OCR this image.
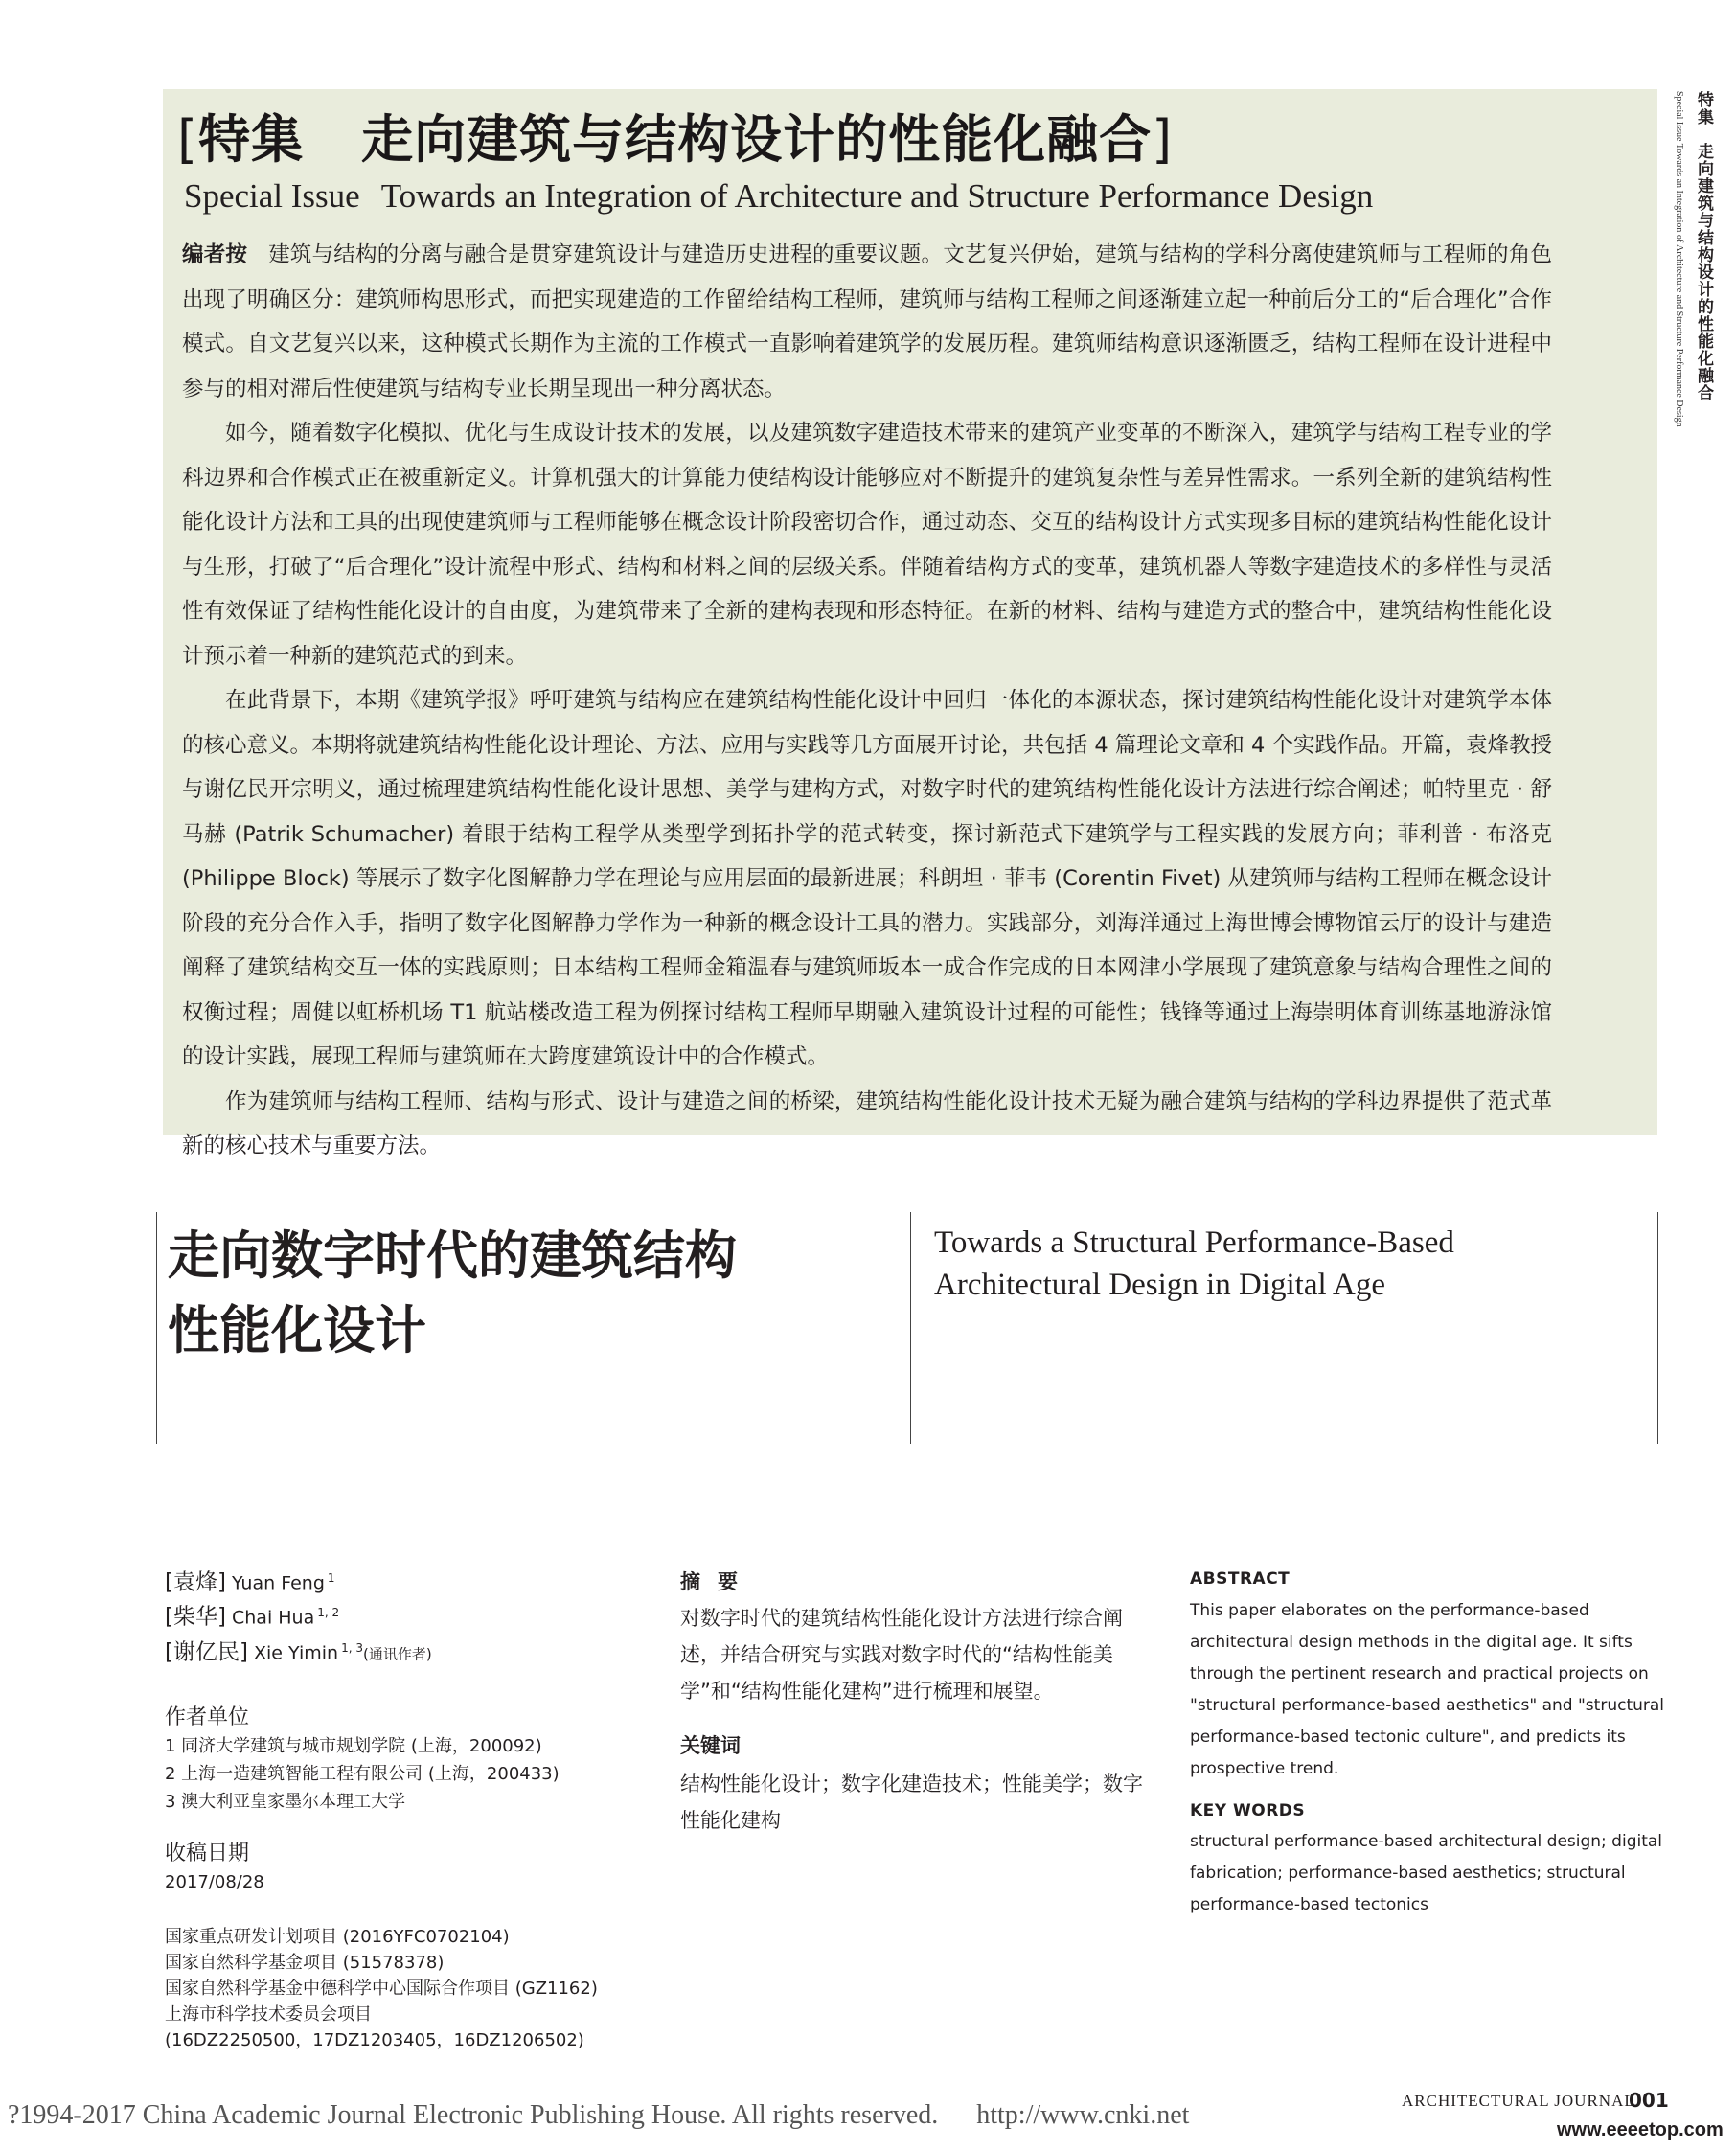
[特集 走向建筑与结构设计的性能化融合]
Special Issue Towards an Integration of Architecture and Structure Performance Design

编者按 建筑与结构的分离与融合是贯穿建筑设计与建造历史进程的重要议题。文艺复兴伊始，建筑与结构的学科分离使建筑师与工程师的角色出现了明确区分：建筑师构思形式，而把实现建造的工作留给结构工程师，建筑师与结构工程师之间逐渐建立起一种前后分工的“后合理化”合作模式。自文艺复兴以来，这种模式长期作为主流的工作模式一直影响着建筑学的发展历程。建筑师结构意识逐渐匮乏，结构工程师在设计进程中参与的相对滞后性使建筑与结构专业长期呈现出一种分离状态。

如今，随着数字化模拟、优化与生成设计技术的发展，以及建筑数字建造技术带来的建筑产业变革的不断深入，建筑学与结构工程专业的学科边界和合作模式正在被重新定义。计算机强大的计算能力使结构设计能够应对不断提升的建筑复杂性与差异性需求。一系列全新的建筑结构性能化设计方法和工具的出现使建筑师与工程师能够在概念设计阶段密切合作，通过动态、交互的结构设计方式实现多目标的建筑结构性能化设计与生形，打破了“后合理化”设计流程中形式、结构和材料之间的层级关系。伴随着结构方式的变革，建筑机器人等数字建造技术的多样性与灵活性有效保证了结构性能化设计的自由度，为建筑带来了全新的建构表现和形态特征。在新的材料、结构与建造方式的整合中，建筑结构性能化设计预示着一种新的建筑范式的到来。

在此背景下，本期《建筑学报》呼吁建筑与结构应在建筑结构性能化设计中回归一体化的本源状态，探讨建筑结构性能化设计对建筑学本体的核心意义。本期将就建筑结构性能化设计理论、方法、应用与实践等几方面展开讨论，共包括 4 篇理论文章和 4 个实践作品。开篇，袁烽教授与谢亿民开宗明义，通过梳理建筑结构性能化设计思想、美学与建构方式，对数字时代的建筑结构性能化设计方法进行综合阐述；帕特里克 · 舒马赫 (Patrik Schumacher) 着眼于结构工程学从类型学到拓扑学的范式转变，探讨新范式下建筑学与工程实践的发展方向；菲利普 · 布洛克 (Philippe Block) 等展示了数字化图解静力学在理论与应用层面的最新进展；科朗坦 · 菲韦 (Corentin Fivet) 从建筑师与结构工程师在概念设计阶段的充分合作入手，指明了数字化图解静力学作为一种新的概念设计工具的潜力。实践部分，刘海洋通过上海世博会博物馆云厅的设计与建造阐释了建筑结构交互一体的实践原则；日本结构工程师金箱温春与建筑师坂本一成合作完成的日本网津小学展现了建筑意象与结构合理性之间的权衡过程；周健以虹桥机场 T1 航站楼改造工程为例探讨结构工程师早期融入建筑设计过程的可能性；钱锋等通过上海崇明体育训练基地游泳馆的设计实践，展现工程师与建筑师在大跨度建筑设计中的合作模式。

作为建筑师与结构工程师、结构与形式、设计与建造之间的桥梁，建筑结构性能化设计技术无疑为融合建筑与结构的学科边界提供了范式革新的核心技术与重要方法。

特集　走向建筑与结构设计的性能化融合
Special Issue Towards an Integration of Architecture and Structure Performance Design
走向数字时代的建筑结构
性能化设计
Towards a Structural Performance-Based
Architectural Design in Digital Age
[袁烽] Yuan Feng $^1$
[柴华] Chai Hua $^{1, 2}$
[谢亿民] Xie Yimin $^{1, 3}$(通讯作者)
作者单位
1 同济大学建筑与城市规划学院 (上海，200092)
2 上海一造建筑智能工程有限公司 (上海，200433)
3 澳大利亚皇家墨尔本理工大学
收稿日期
2017/08/28
国家重点研发计划项目 (2016YFC0702104)
国家自然科学基金项目 (51578378)
国家自然科学基金中德科学中心国际合作项目 (GZ1162)
上海市科学技术委员会项目
(16DZ2250500，17DZ1203405，16DZ1206502)
摘要
对数字时代的建筑结构性能化设计方法进行综合阐述，并结合研究与实践对数字时代的“结构性能美学”和“结构性能化建构”进行梳理和展望。
关键词
结构性能化设计；数字化建造技术；性能美学；数字性能化建构
ABSTRACT
This paper elaborates on the performance-based architectural design methods in the digital age. It sifts through the pertinent research and practical projects on "structural performance-based aesthetics" and "structural performance-based tectonic culture", and predicts its prospective trend.
KEY WORDS
structural performance-based architectural design; digital fabrication; performance-based aesthetics; structural performance-based tectonics
ARCHITECTURAL JOURNAL
001
?1994-2017 China Academic Journal Electronic Publishing House. All rights reserved. http://www.cnki.net	www.eeeetop.com
